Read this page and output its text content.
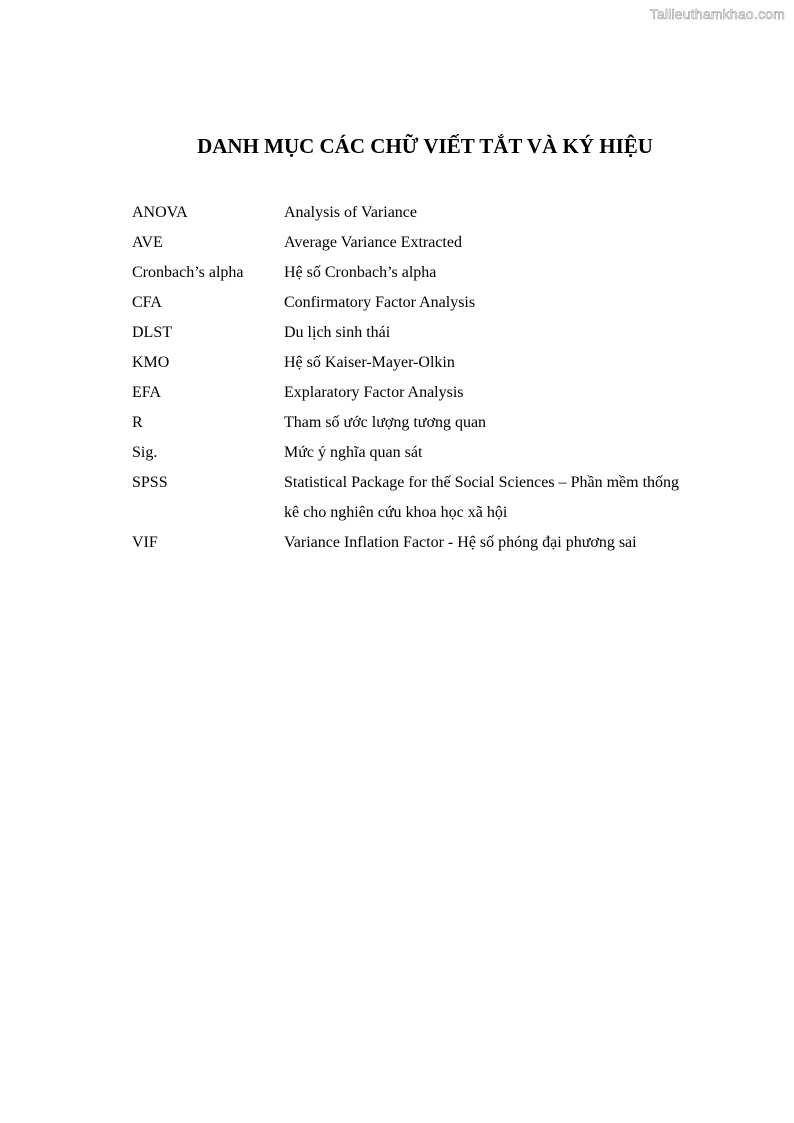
Tailieuthamkhao.com
DANH MỤC CÁC CHỮ VIẾT TẮT VÀ KÝ HIỆU
ANOVA	Analysis of Variance
AVE	Average Variance Extracted
Cronbach’s alpha	Hệ số Cronbach’s alpha
CFA	Confirmatory Factor Analysis
DLST	Du lịch sinh thái
KMO	Hệ số Kaiser-Mayer-Olkin
EFA	Explaratory Factor Analysis
R	Tham số ước lượng tương quan
Sig.	Mức ý nghĩa quan sát
SPSS	Statistical Package for thế Social Sciences – Phần mềm thống kê cho nghiên cứu khoa học xã hội
VIF	Variance Inflation Factor - Hệ số phóng đại phương sai
